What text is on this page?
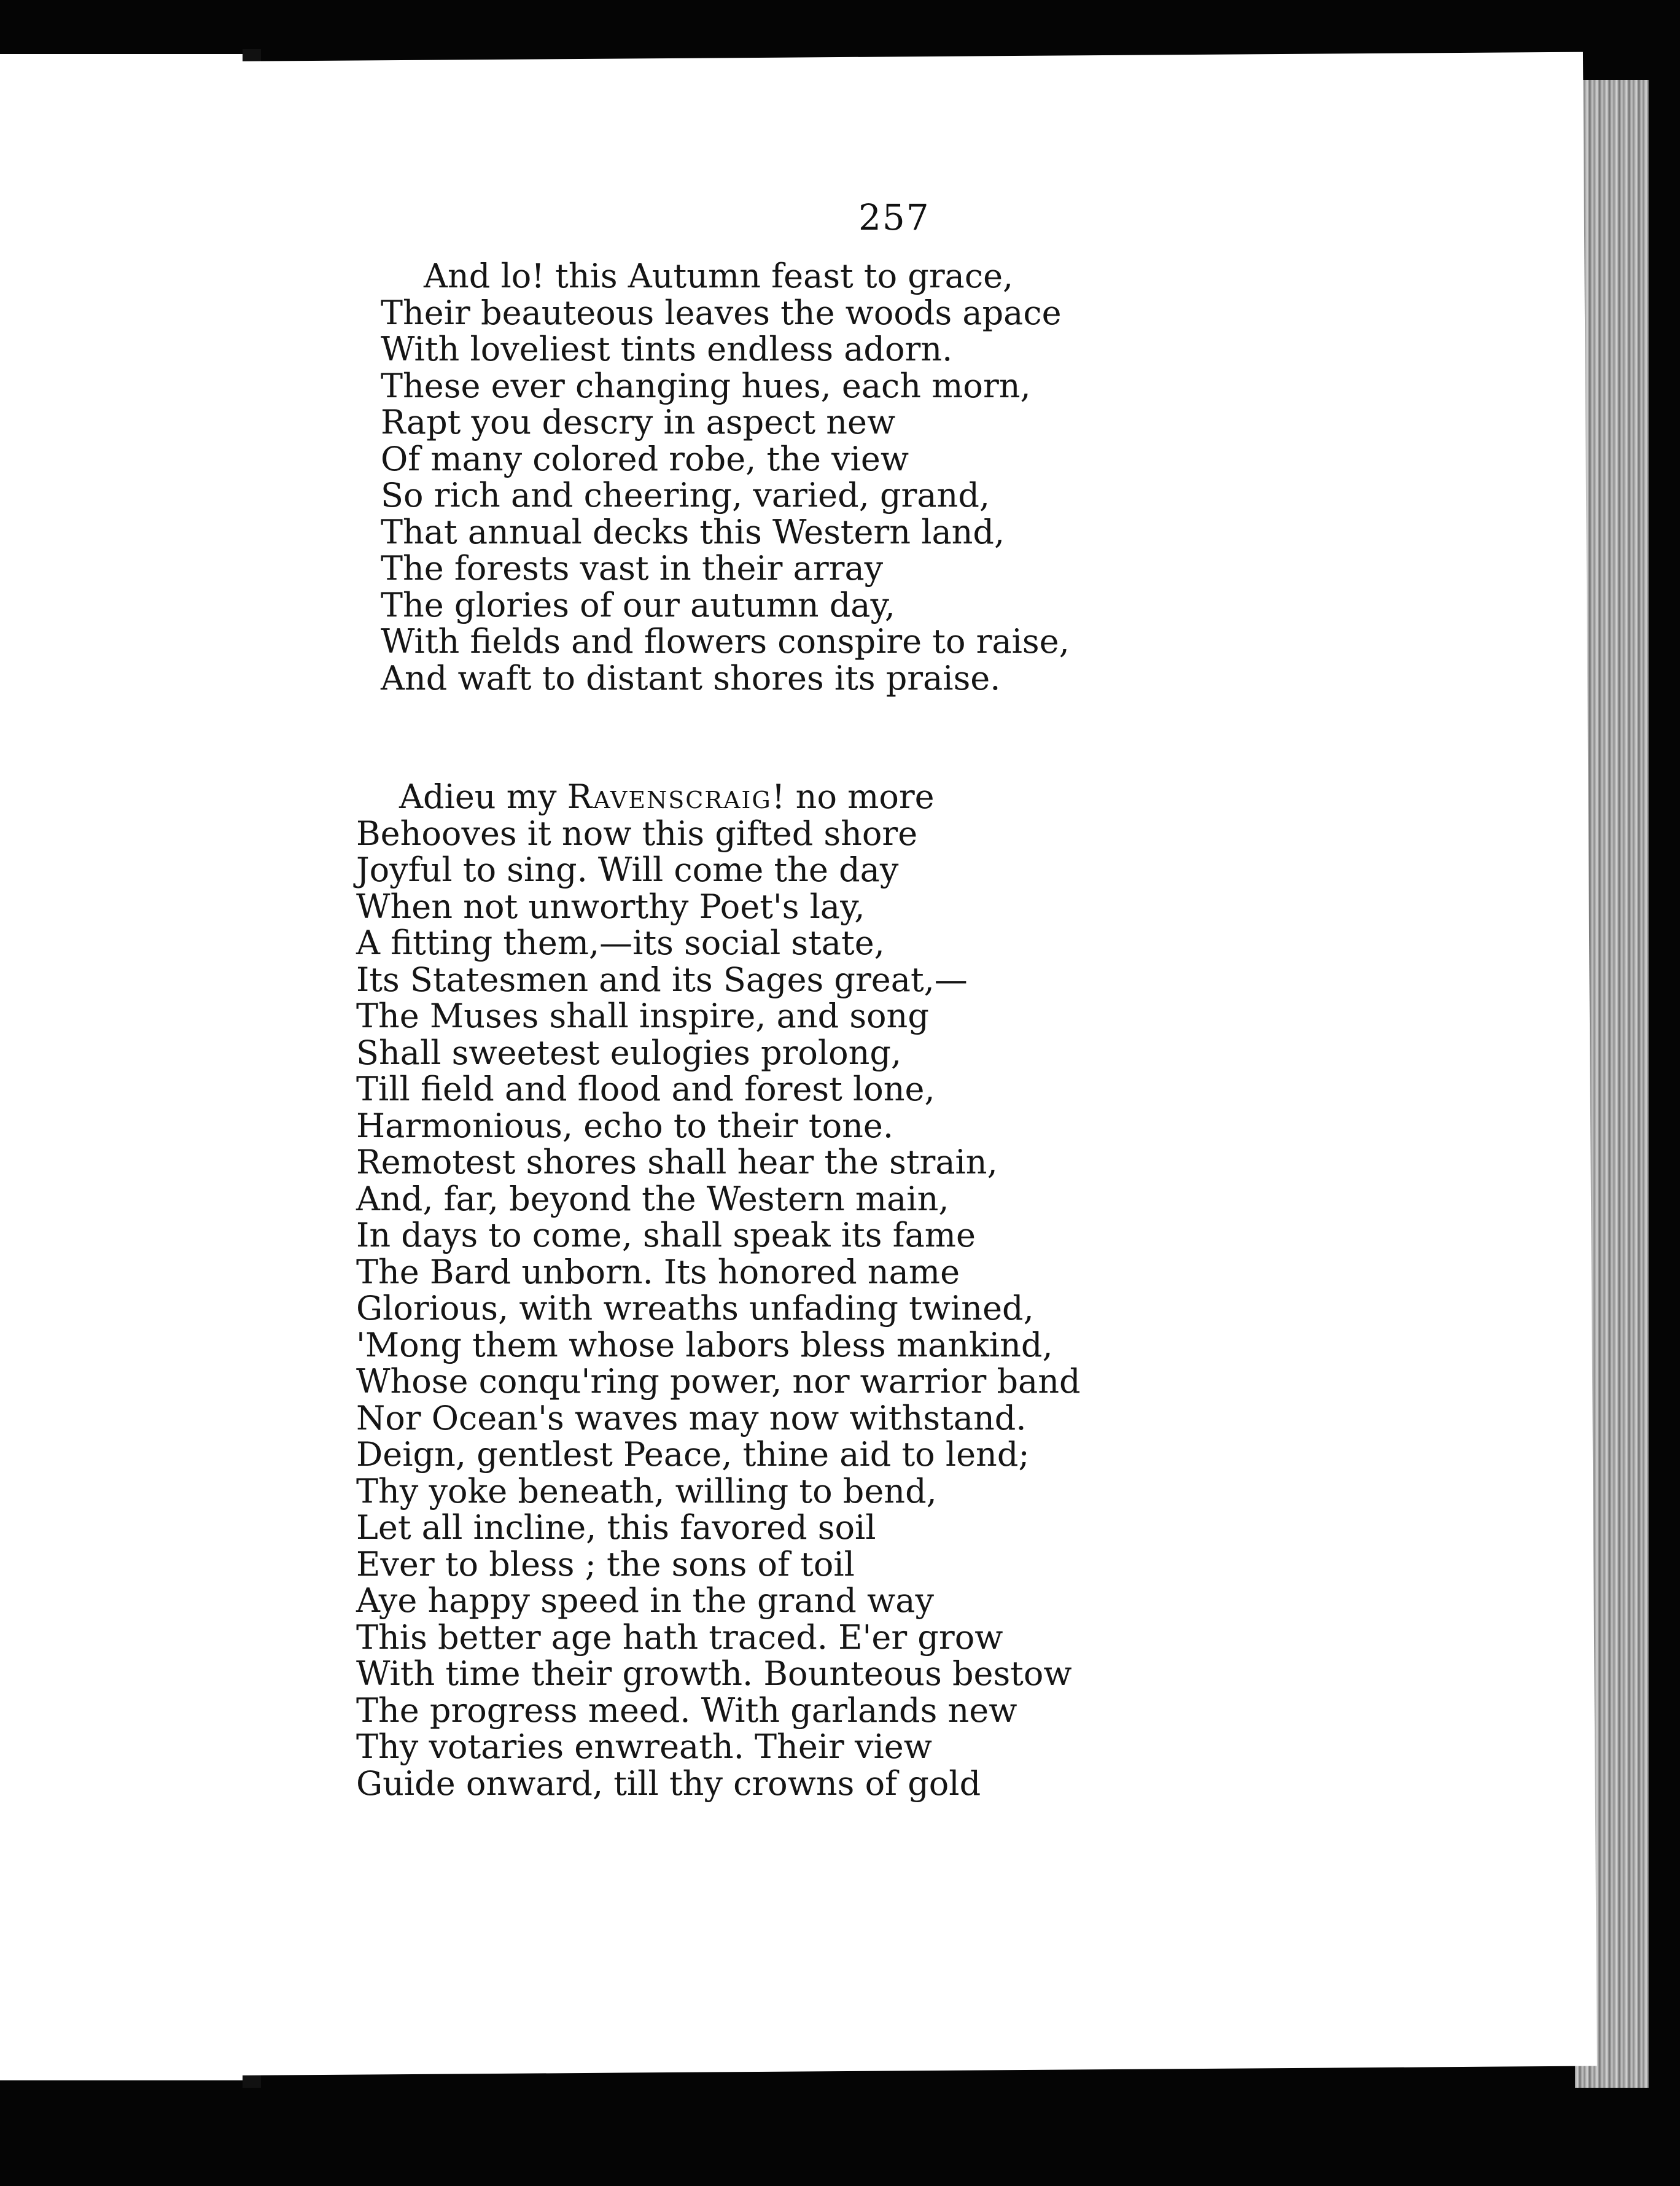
257
And lo! this Autumn feast to grace,
Their beauteous leaves the woods apace
With loveliest tints endless adorn.
These ever changing hues, each morn,
Rapt you descry in aspect new
Of many colored robe, the view
So rich and cheering, varied, grand,
That annual decks this Western land,
The forests vast in their array
The glories of our autumn day,
With fields and flowers conspire to raise,
And waft to distant shores its praise.
Adieu my Ravenscraig! no more
Behooves it now this gifted shore
Joyful to sing. Will come the day
When not unworthy Poet's lay,
A fitting them,—its social state,
Its Statesmen and its Sages great,—
The Muses shall inspire, and song
Shall sweetest eulogies prolong,
Till field and flood and forest lone,
Harmonious, echo to their tone.
Remotest shores shall hear the strain,
And, far, beyond the Western main,
In days to come, shall speak its fame
The Bard unborn. Its honored name
Glorious, with wreaths unfading twined,
'Mong them whose labors bless mankind,
Whose conqu'ring power, nor warrior band
Nor Ocean's waves may now withstand.
Deign, gentlest Peace, thine aid to lend;
Thy yoke beneath, willing to bend,
Let all incline, this favored soil
Ever to bless ; the sons of toil
Aye happy speed in the grand way
This better age hath traced. E'er grow
With time their growth. Bounteous bestow
The progress meed. With garlands new
Thy votaries enwreath. Their view
Guide onward, till thy crowns of gold
